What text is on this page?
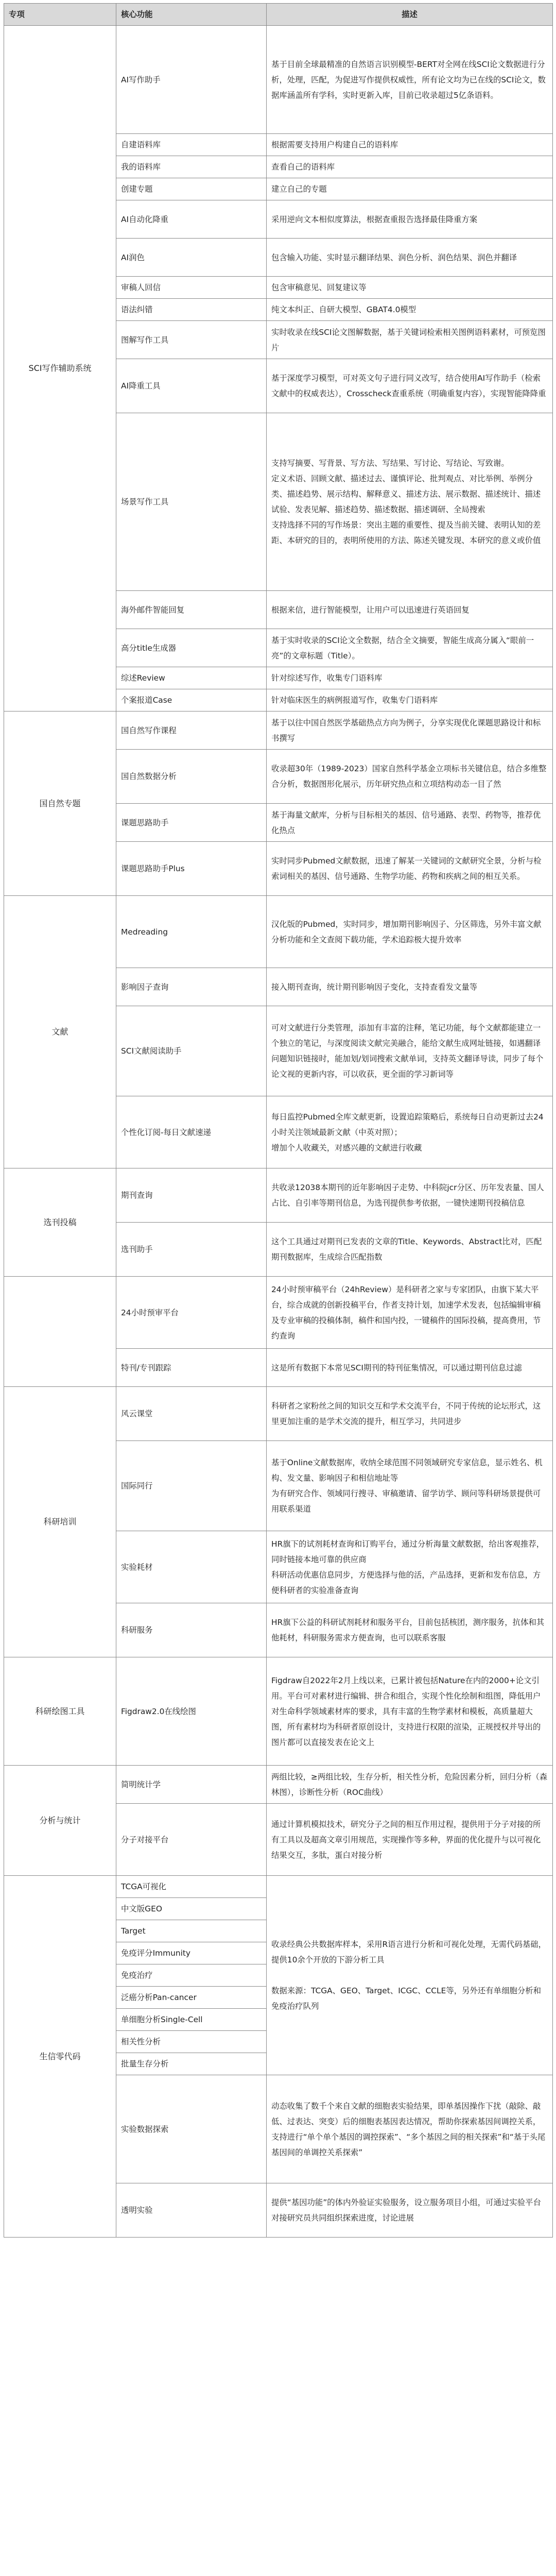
专项	核心功能	描述
SCI写作辅助系统	AI写作助手	基于目前全球最精准的自然语言识别模型-BERT对全网在线SCI论文数据进行分析，处理，匹配，为促进写作提供权威性，所有论文均为已在线的SCI论文，数据库涵盖所有学科，实时更新入库，目前已收录超过5亿条语料。
	自建语料库	根据需要支持用户构建自己的语料库
	我的语料库	查看自己的语料库
	创建专题	建立自己的专题
	AI自动化降重	采用逆向文本相似度算法，根据查重报告选择最佳降重方案
	AI润色	包含输入功能、实时显示翻译结果、润色分析、润色结果、润色并翻译
	审稿人回信	包含审稿意见、回复建议等
	语法纠错	纯文本纠正、自研大模型、GBAT4.0模型
	图解写作工具	实时收录在线SCI论文图解数据，基于关键词检索相关图例语料素材，可预览图片
	AI降重工具	基于深度学习模型，可对英文句子进行同义改写，结合使用AI写作助手（检索文献中的权威表达），Crosscheck查重系统（明确重复内容），实现智能降降重
	场景写作工具	支持写摘要、写背景、写方法、写结果、写讨论、写结论、写致谢。
定义术语、回顾文献、描述过去、谨慎评论、批判观点、对比举例、举例分类、描述趋势、展示结构、解释意义、描述方法、展示数据、描述统计、描述试验、发表见解、描述趋势、描述数据、描述调研、全局搜索
支持选择不同的写作场景：突出主题的重要性、提及当前关键、表明认知的差距、本研究的目的，表明所使用的方法、陈述关键发现、本研究的意义或价值
	海外邮件智能回复	根据来信，进行智能模型，让用户可以迅速进行英语回复
	高分title生成器	基于实时收录的SCI论文全数据，结合全文摘要，智能生成高分属入“眼前一亮”的文章标题（Title）。
	综述Review	针对综述写作，收集专门语料库
	个案报道Case	针对临床医生的病例报道写作，收集专门语料库
国自然专题	国自然写作课程	基于以往中国自然医学基础热点方向为例子，分享实现优化课题思路设计和标书撰写
	国自然数据分析	收录超30年（1989-2023）国家自然科学基金立项标书关键信息，结合多维整合分析，数据图形化展示，历年研究热点和立项结构动态一目了然
	课题思路助手	基于海量文献库，分析与目标相关的基因、信号通路、表型、药物等，推荐优化热点
	课题思路助手Plus	实时同步Pubmed文献数据，迅速了解某一关键词的文献研究全景，分析与检索词相关的基因、信号通路、生物学功能、药物和疾病之间的相互关系。
文献	Medreading	汉化版的Pubmed，实时同步，增加期刊影响因子、分区筛选，另外丰富文献分析功能和全文查阅下载功能，学术追踪极大提升效率
	影响因子查询	接入期刊查询，统计期刊影响因子变化，支持查看发文量等
	SCI文献阅读助手	可对文献进行分类管理，添加有丰富的注释，笔记功能，每个文献都能建立一个独立的笔记，与深度阅读文献完美融合，能给文献生成网址链接，如遇翻译问题知识链接时，能加划/划词搜索文献单词，支持英文翻译导读，同步了每个论文视的更新内容，可以收获，更全面的学习新词等
	个性化订阅-每日文献速递	每日监控Pubmed全库文献更新，设置追踪策略后，系统每日自动更新过去24小时关注领域最新文献（中英对照）；
增加个人收藏关，对感兴趣的文献进行收藏
选刊投稿	期刊查询	共收录12038本期刊的近年影响因子走势、中科院jcr分区、历年发表量、国人占比、自引率等期刊信息，为选刊提供参考依据，一键快速期刊投稿信息
	选刊助手	这个工具通过对期刊已发表的文章的Title、Keywords、Abstract比对，匹配期刊数据库，生成综合匹配指数
	24小时预审平台	24小时预审稿平台（24hReview）是科研者之家与专家团队，由旗下某大平台，综合成就的创新投稿平台，作者支持计划，加速学术发表，包括编辑审稿及专业审稿的投稿体制，稿件和国内投，一键稿件的国际投稿，提高费用，节约查询
	特刊/专刊跟踪	这是所有数据下本常见SCI期刊的特刊征集情况，可以通过期刊信息过滤
科研培训	风云课堂	科研者之家粉丝之间的知识交互和学术交流平台，不同于传统的论坛形式，这里更加注重的是学术交流的提升，相互学习，共同进步
	国际同行	基于Online文献数据库，收纳全球范围不同领域研究专家信息，显示姓名、机构、发文量、影响因子和相信地址等
为有研究合作、领域同行搜寻、审稿邀请、留学访学、顾问等科研场景提供可用联系渠道
	实验耗材	HR旗下的试剂耗材查询和订购平台，通过分析海量文献数据，给出客观推荐，同时链接本地可靠的供应商
科研活动优惠信息同步，方便选择与他的活，产品选择，更新和发布信息，方便科研者的实验准备查询
	科研服务	HR旗下公益的科研试剂耗材和服务平台，目前包括核团，测序服务，抗体和其他耗材，科研服务需求方便查询，也可以联系客服
科研绘图工具	Figdraw2.0在线绘图	Figdraw自2022年2月上线以来，已累计被包括Nature在内的2000+论文引用。平台可对素材进行编辑、拼合和组合，实现个性化绘制和组图，降低用户对生命科学领域素材库的要求，具有丰富的生物学素材和模板，高质量超大图，所有素材均为科研者原创设计，支持进行权限的渲染，正规授权并导出的图片都可以直接发表在论文上
分析与统计	简明统计学	两组比较，≥两组比较，生存分析，相关性分析，危险因素分析，回归分析（森林图），诊断性分析（ROC曲线）
	分子对接平台	通过计算机模拟技术，研究分子之间的相互作用过程，提供用于分子对接的所有工具以及超高文章引用规范，实现操作等多种，界面的优化提升与以可视化结果交互，多肽，蛋白对接分析
生信零代码	TCGA可视化	收录经典公共数据库样本，采用R语言进行分析和可视化处理，无需代码基础，提供10余个开放的下游分析工具

数据来源：TCGA、GEO、Target、ICGC、CCLE等，另外还有单细胞分析和免疫治疗队列
	中文版GEO	
	Target	
	免疫评分Immunity	
	免疫治疗	
	泛癌分析Pan-cancer	
	单细胞分析Single-Cell	
	相关性分析	
	批量生存分析	
	实验数据探索	动态收集了数千个来自文献的细胞表实验结果，即单基因操作下扰（敲除、敲低、过表达、突变）后的细胞表基因表达情况，帮助你探索基因间调控关系，支持进行“单个单个基因的调控探索”、“多个基因之间的相关探索”和“基于头尾基因间的单调控关系探索”
	透明实验	提供“基因功能”的体内外验证实验服务，设立服务项目小组，可通过实验平台对接研究员共同组织探索进度，讨论进展
